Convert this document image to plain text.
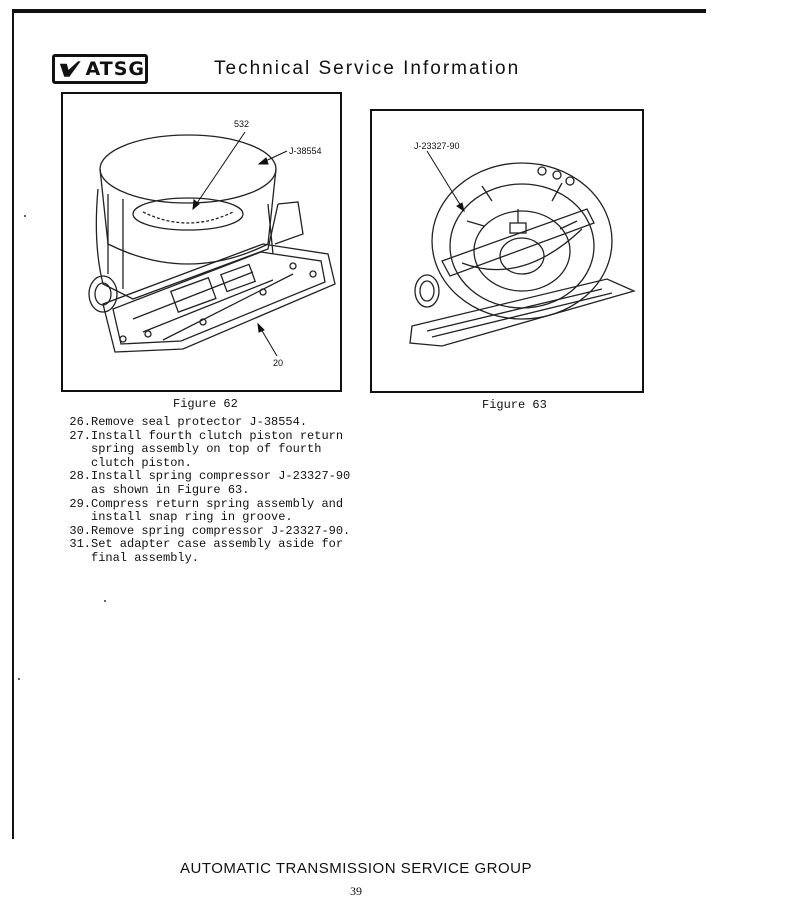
ATSG	Technical Service Information
532
J-38554
20
Figure 62
J-23327-90
Figure 63
26. Remove seal protector J-38554.
27. Install fourth clutch piston return spring assembly on top of fourth clutch piston.
28. Install spring compressor J-23327-90 as shown in Figure 63.
29. Compress return spring assembly and install snap ring in groove.
30. Remove spring compressor J-23327-90.
31. Set adapter case assembly aside for final assembly.
AUTOMATIC TRANSMISSION SERVICE GROUP
39
